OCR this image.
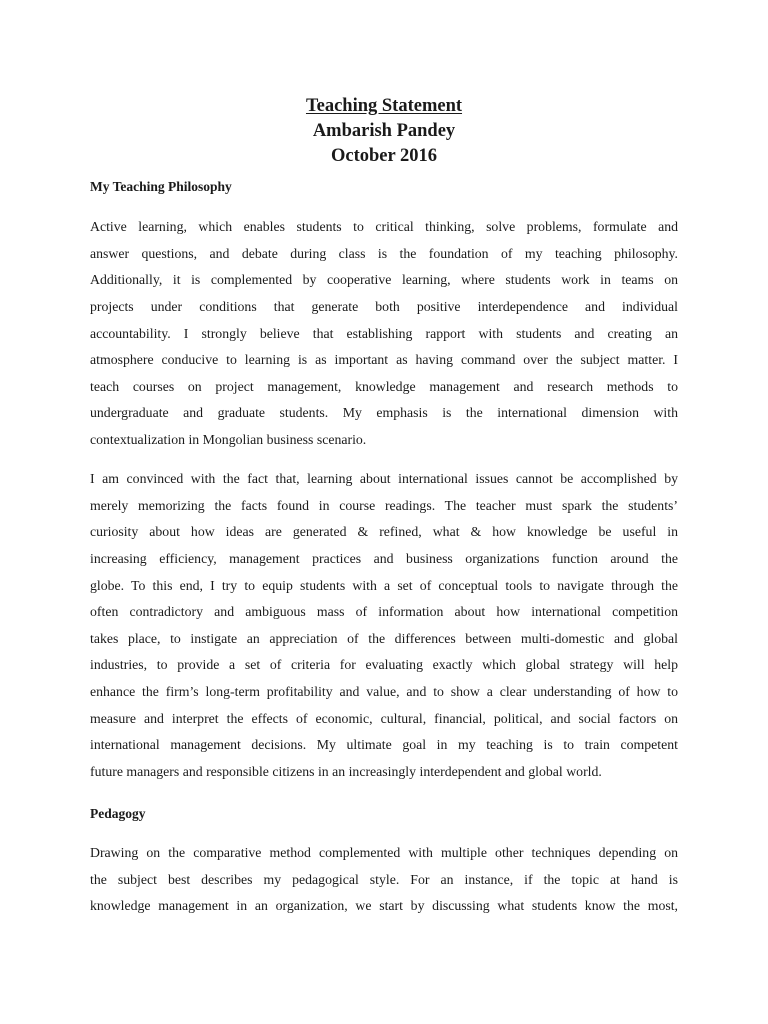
Teaching Statement
Ambarish Pandey
October 2016
My Teaching Philosophy
Active learning, which enables students to critical thinking, solve problems, formulate and
answer questions, and debate during class is the foundation of my teaching philosophy.
Additionally, it is complemented by cooperative learning, where students work in teams on
projects under conditions that generate both positive interdependence and individual
accountability. I strongly believe that establishing rapport with students and creating an
atmosphere conducive to learning is as important as having command over the subject matter. I
teach courses on project management, knowledge management and research methods to
undergraduate and graduate students. My emphasis is the international dimension with
contextualization in Mongolian business scenario.
I am convinced with the fact that, learning about international issues cannot be accomplished by
merely memorizing the facts found in course readings. The teacher must spark the students’
curiosity about how ideas are generated & refined, what & how knowledge be useful in
increasing efficiency, management practices and business organizations function around the
globe. To this end, I try to equip students with a set of conceptual tools to navigate through the
often contradictory and ambiguous mass of information about how international competition
takes place, to instigate an appreciation of the differences between multi-domestic and global
industries, to provide a set of criteria for evaluating exactly which global strategy will help
enhance the firm’s long-term profitability and value, and to show a clear understanding of how to
measure and interpret the effects of economic, cultural, financial, political, and social factors on
international management decisions. My ultimate goal in my teaching is to train competent
future managers and responsible citizens in an increasingly interdependent and global world.
Pedagogy
Drawing on the comparative method complemented with multiple other techniques depending on
the subject best describes my pedagogical style. For an instance, if the topic at hand is
knowledge management in an organization, we start by discussing what students know the most,
